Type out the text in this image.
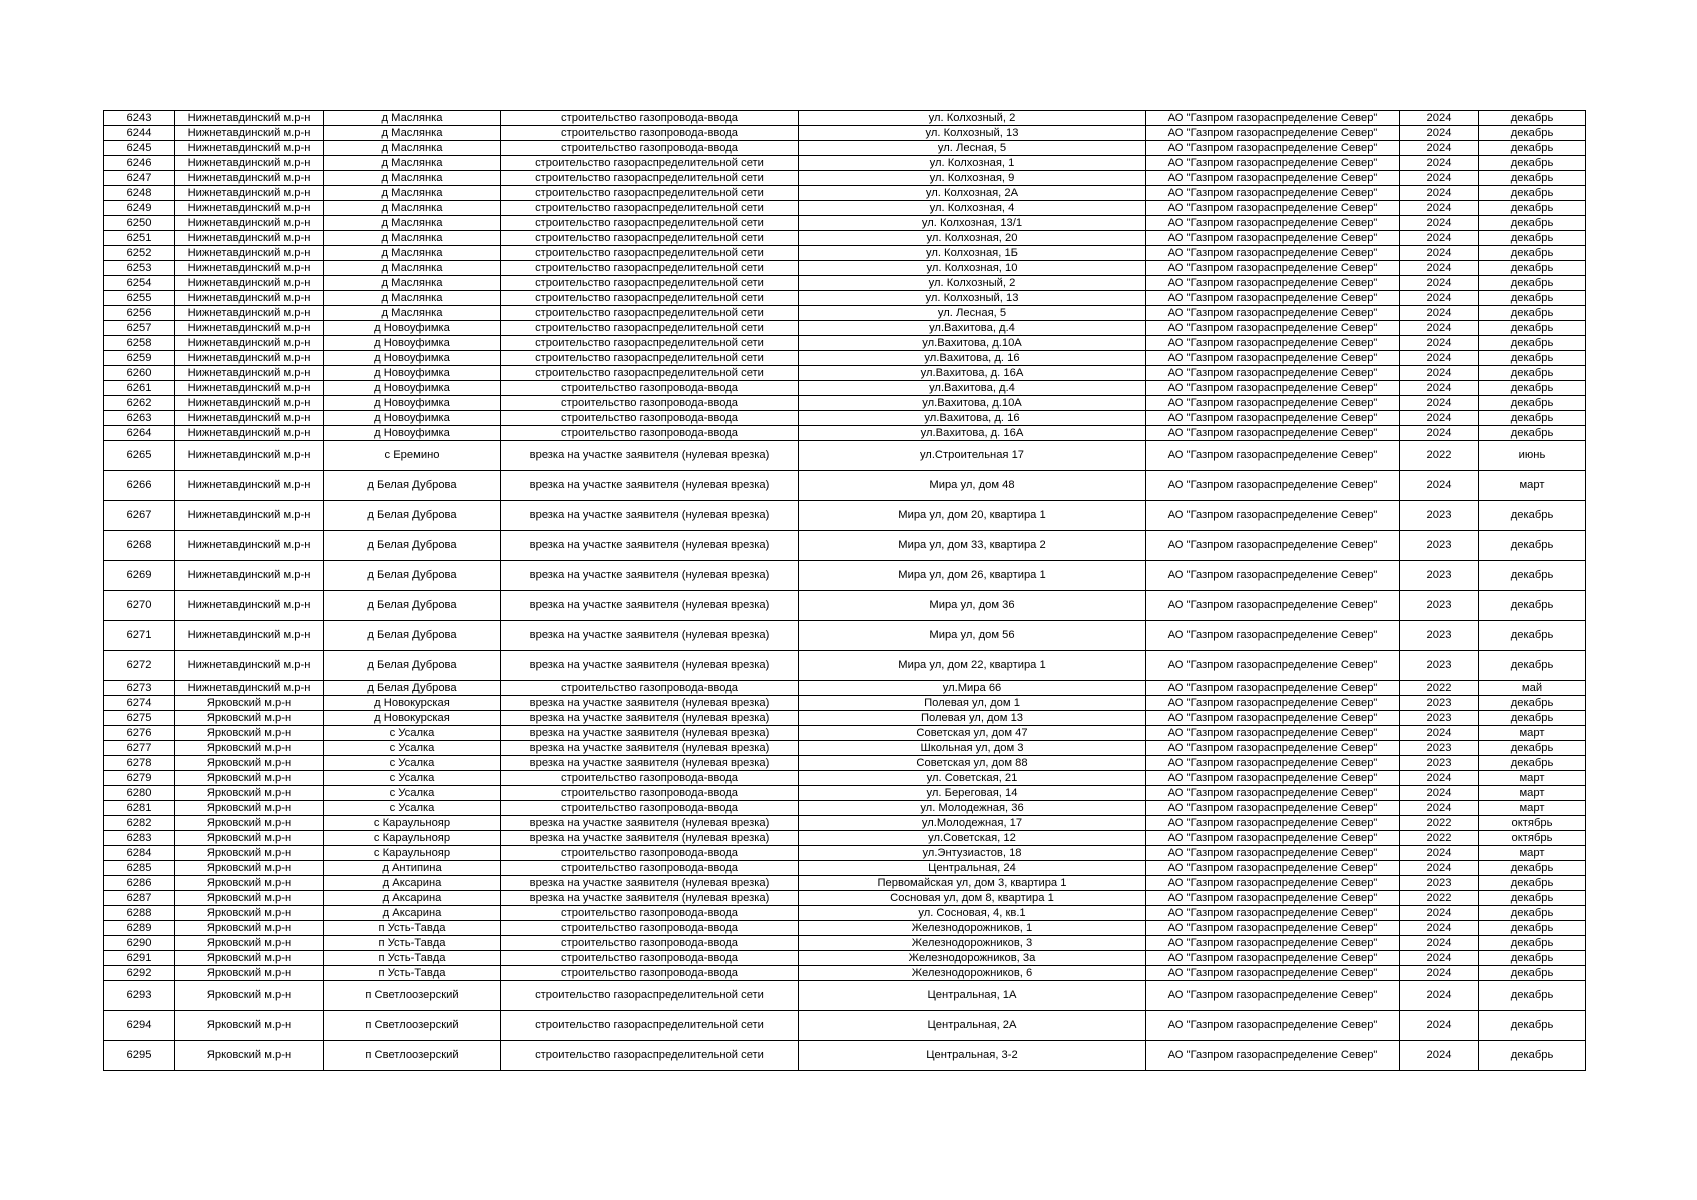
6243	Нижнетавдинский м.р-н	д Маслянка	строительство газопровода-ввода	ул. Колхозный, 2	АО "Газпром газораспределение Север"	2024	декабрь
6244	Нижнетавдинский м.р-н	д Маслянка	строительство газопровода-ввода	ул. Колхозный, 13	АО "Газпром газораспределение Север"	2024	декабрь
6245	Нижнетавдинский м.р-н	д Маслянка	строительство газопровода-ввода	ул. Лесная, 5	АО "Газпром газораспределение Север"	2024	декабрь
6246	Нижнетавдинский м.р-н	д Маслянка	строительство газораспределительной сети	ул. Колхозная, 1	АО "Газпром газораспределение Север"	2024	декабрь
6247	Нижнетавдинский м.р-н	д Маслянка	строительство газораспределительной сети	ул. Колхозная, 9	АО "Газпром газораспределение Север"	2024	декабрь
6248	Нижнетавдинский м.р-н	д Маслянка	строительство газораспределительной сети	ул. Колхозная, 2А	АО "Газпром газораспределение Север"	2024	декабрь
6249	Нижнетавдинский м.р-н	д Маслянка	строительство газораспределительной сети	ул. Колхозная, 4	АО "Газпром газораспределение Север"	2024	декабрь
6250	Нижнетавдинский м.р-н	д Маслянка	строительство газораспределительной сети	ул. Колхозная, 13/1	АО "Газпром газораспределение Север"	2024	декабрь
6251	Нижнетавдинский м.р-н	д Маслянка	строительство газораспределительной сети	ул. Колхозная, 20	АО "Газпром газораспределение Север"	2024	декабрь
6252	Нижнетавдинский м.р-н	д Маслянка	строительство газораспределительной сети	ул. Колхозная, 1Б	АО "Газпром газораспределение Север"	2024	декабрь
6253	Нижнетавдинский м.р-н	д Маслянка	строительство газораспределительной сети	ул. Колхозная, 10	АО "Газпром газораспределение Север"	2024	декабрь
6254	Нижнетавдинский м.р-н	д Маслянка	строительство газораспределительной сети	ул. Колхозный, 2	АО "Газпром газораспределение Север"	2024	декабрь
6255	Нижнетавдинский м.р-н	д Маслянка	строительство газораспределительной сети	ул. Колхозный, 13	АО "Газпром газораспределение Север"	2024	декабрь
6256	Нижнетавдинский м.р-н	д Маслянка	строительство газораспределительной сети	ул. Лесная, 5	АО "Газпром газораспределение Север"	2024	декабрь
6257	Нижнетавдинский м.р-н	д Новоуфимка	строительство газораспределительной сети	ул.Вахитова, д.4	АО "Газпром газораспределение Север"	2024	декабрь
6258	Нижнетавдинский м.р-н	д Новоуфимка	строительство газораспределительной сети	ул.Вахитова, д.10А	АО "Газпром газораспределение Север"	2024	декабрь
6259	Нижнетавдинский м.р-н	д Новоуфимка	строительство газораспределительной сети	ул.Вахитова, д. 16	АО "Газпром газораспределение Север"	2024	декабрь
6260	Нижнетавдинский м.р-н	д Новоуфимка	строительство газораспределительной сети	ул.Вахитова, д. 16А	АО "Газпром газораспределение Север"	2024	декабрь
6261	Нижнетавдинский м.р-н	д Новоуфимка	строительство газопровода-ввода	ул.Вахитова, д.4	АО "Газпром газораспределение Север"	2024	декабрь
6262	Нижнетавдинский м.р-н	д Новоуфимка	строительство газопровода-ввода	ул.Вахитова, д.10А	АО "Газпром газораспределение Север"	2024	декабрь
6263	Нижнетавдинский м.р-н	д Новоуфимка	строительство газопровода-ввода	ул.Вахитова, д. 16	АО "Газпром газораспределение Север"	2024	декабрь
6264	Нижнетавдинский м.р-н	д Новоуфимка	строительство газопровода-ввода	ул.Вахитова, д. 16А	АО "Газпром газораспределение Север"	2024	декабрь
6265	Нижнетавдинский м.р-н	с Еремино	врезка на участке заявителя (нулевая врезка)	ул.Строительная 17	АО "Газпром газораспределение Север"	2022	июнь
6266	Нижнетавдинский м.р-н	д Белая Дуброва	врезка на участке заявителя (нулевая врезка)	Мира ул, дом 48	АО "Газпром газораспределение Север"	2024	март
6267	Нижнетавдинский м.р-н	д Белая Дуброва	врезка на участке заявителя (нулевая врезка)	Мира ул, дом 20, квартира 1	АО "Газпром газораспределение Север"	2023	декабрь
6268	Нижнетавдинский м.р-н	д Белая Дуброва	врезка на участке заявителя (нулевая врезка)	Мира ул, дом 33, квартира 2	АО "Газпром газораспределение Север"	2023	декабрь
6269	Нижнетавдинский м.р-н	д Белая Дуброва	врезка на участке заявителя (нулевая врезка)	Мира ул, дом 26, квартира 1	АО "Газпром газораспределение Север"	2023	декабрь
6270	Нижнетавдинский м.р-н	д Белая Дуброва	врезка на участке заявителя (нулевая врезка)	Мира ул, дом 36	АО "Газпром газораспределение Север"	2023	декабрь
6271	Нижнетавдинский м.р-н	д Белая Дуброва	врезка на участке заявителя (нулевая врезка)	Мира ул, дом 56	АО "Газпром газораспределение Север"	2023	декабрь
6272	Нижнетавдинский м.р-н	д Белая Дуброва	врезка на участке заявителя (нулевая врезка)	Мира ул, дом 22, квартира 1	АО "Газпром газораспределение Север"	2023	декабрь
6273	Нижнетавдинский м.р-н	д Белая Дуброва	строительство газопровода-ввода	ул.Мира 66	АО "Газпром газораспределение Север"	2022	май
6274	Ярковский м.р-н	д Новокурская	врезка на участке заявителя (нулевая врезка)	Полевая ул, дом 1	АО "Газпром газораспределение Север"	2023	декабрь
6275	Ярковский м.р-н	д Новокурская	врезка на участке заявителя (нулевая врезка)	Полевая ул, дом 13	АО "Газпром газораспределение Север"	2023	декабрь
6276	Ярковский м.р-н	с Усалка	врезка на участке заявителя (нулевая врезка)	Советская ул, дом 47	АО "Газпром газораспределение Север"	2024	март
6277	Ярковский м.р-н	с Усалка	врезка на участке заявителя (нулевая врезка)	Школьная ул, дом 3	АО "Газпром газораспределение Север"	2023	декабрь
6278	Ярковский м.р-н	с Усалка	врезка на участке заявителя (нулевая врезка)	Советская ул, дом 88	АО "Газпром газораспределение Север"	2023	декабрь
6279	Ярковский м.р-н	с Усалка	строительство газопровода-ввода	ул. Советская, 21	АО "Газпром газораспределение Север"	2024	март
6280	Ярковский м.р-н	с Усалка	строительство газопровода-ввода	ул. Береговая, 14	АО "Газпром газораспределение Север"	2024	март
6281	Ярковский м.р-н	с Усалка	строительство газопровода-ввода	ул. Молодежная, 36	АО "Газпром газораспределение Север"	2024	март
6282	Ярковский м.р-н	с Караульнояр	врезка на участке заявителя (нулевая врезка)	ул.Молодежная, 17	АО "Газпром газораспределение Север"	2022	октябрь
6283	Ярковский м.р-н	с Караульнояр	врезка на участке заявителя (нулевая врезка)	ул.Советская, 12	АО "Газпром газораспределение Север"	2022	октябрь
6284	Ярковский м.р-н	с Караульнояр	строительство газопровода-ввода	ул.Энтузиастов, 18	АО "Газпром газораспределение Север"	2024	март
6285	Ярковский м.р-н	д Антипина	строительство газопровода-ввода	Центральная, 24	АО "Газпром газораспределение Север"	2024	декабрь
6286	Ярковский м.р-н	д Аксарина	врезка на участке заявителя (нулевая врезка)	Первомайская ул, дом 3, квартира 1	АО "Газпром газораспределение Север"	2023	декабрь
6287	Ярковский м.р-н	д Аксарина	врезка на участке заявителя (нулевая врезка)	Сосновая ул, дом 8, квартира 1	АО "Газпром газораспределение Север"	2022	декабрь
6288	Ярковский м.р-н	д Аксарина	строительство газопровода-ввода	ул. Сосновая, 4, кв.1	АО "Газпром газораспределение Север"	2024	декабрь
6289	Ярковский м.р-н	п Усть-Тавда	строительство газопровода-ввода	Железнодорожников, 1	АО "Газпром газораспределение Север"	2024	декабрь
6290	Ярковский м.р-н	п Усть-Тавда	строительство газопровода-ввода	Железнодорожников, 3	АО "Газпром газораспределение Север"	2024	декабрь
6291	Ярковский м.р-н	п Усть-Тавда	строительство газопровода-ввода	Железнодорожников, 3а	АО "Газпром газораспределение Север"	2024	декабрь
6292	Ярковский м.р-н	п Усть-Тавда	строительство газопровода-ввода	Железнодорожников, 6	АО "Газпром газораспределение Север"	2024	декабрь
6293	Ярковский м.р-н	п Светлоозерский	строительство газораспределительной сети	Центральная, 1А	АО "Газпром газораспределение Север"	2024	декабрь
6294	Ярковский м.р-н	п Светлоозерский	строительство газораспределительной сети	Центральная, 2А	АО "Газпром газораспределение Север"	2024	декабрь
6295	Ярковский м.р-н	п Светлоозерский	строительство газораспределительной сети	Центральная, 3-2	АО "Газпром газораспределение Север"	2024	декабрь
